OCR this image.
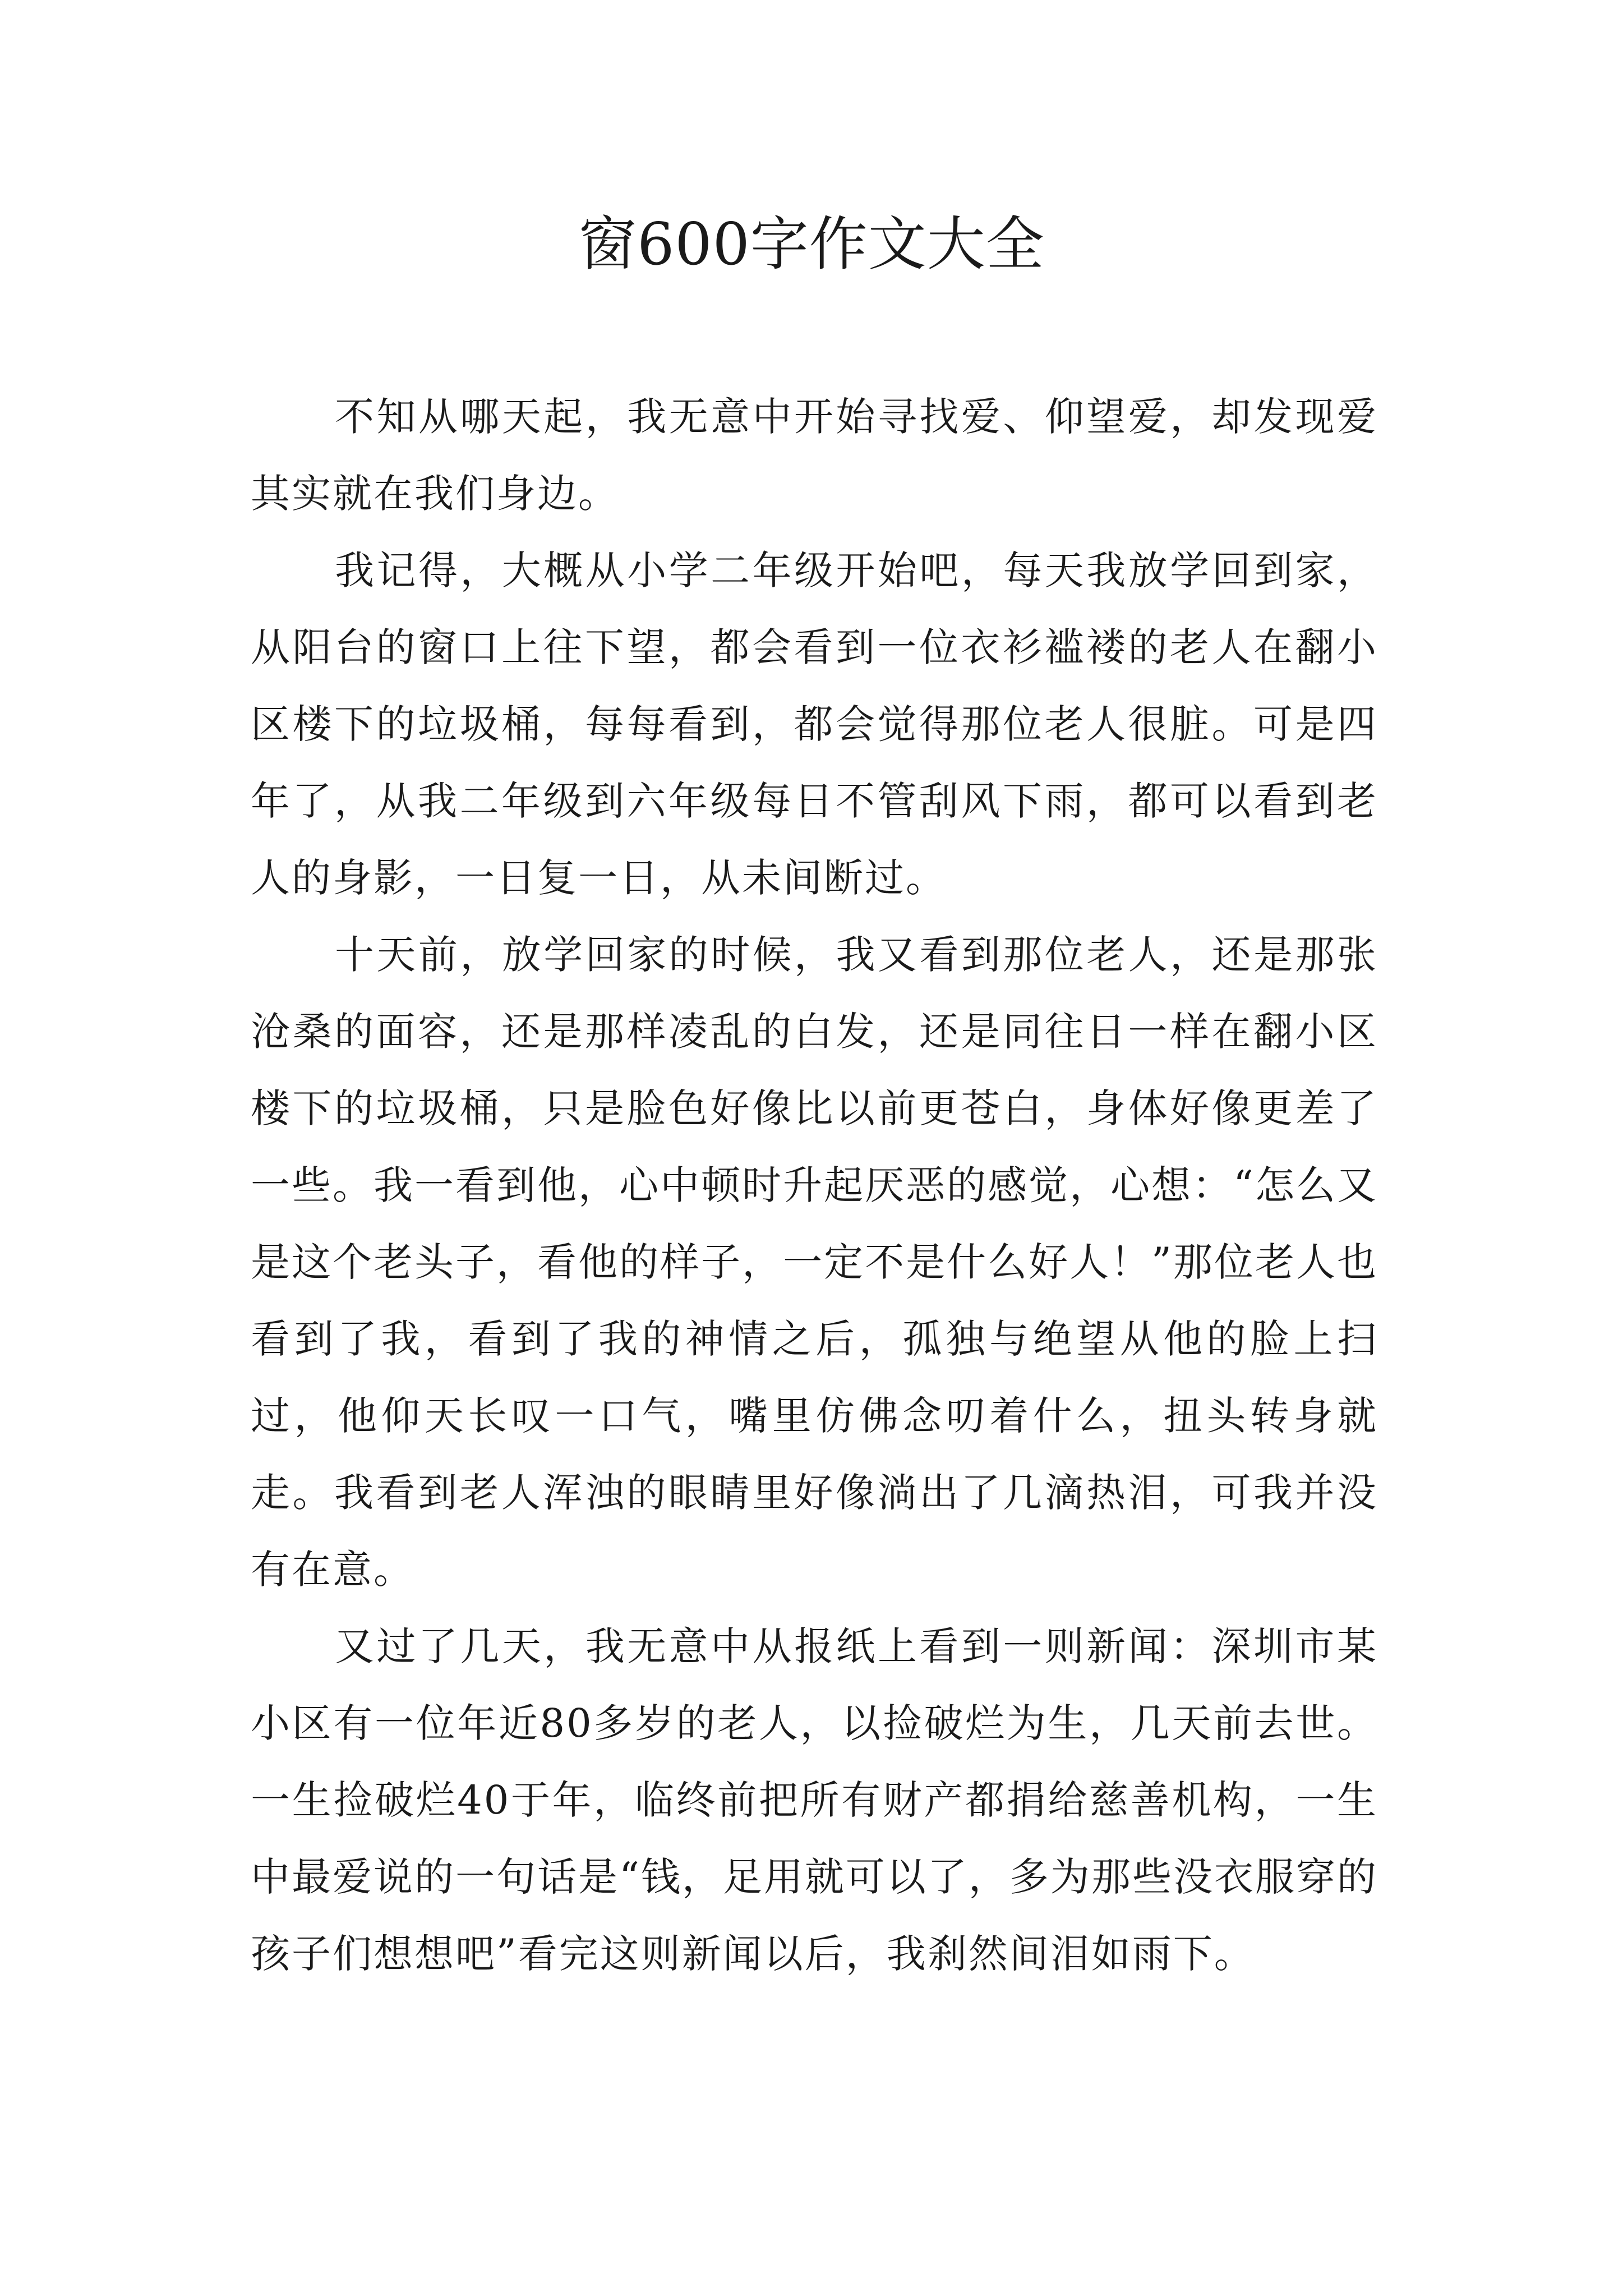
窗600字作文大全

不知从哪天起，我无意中开始寻找爱、仰望爱，却发现爱其实就在我们身边。

我记得，大概从小学二年级开始吧，每天我放学回到家，从阳台的窗口上往下望，都会看到一位衣衫褴褛的老人在翻小区楼下的垃圾桶，每每看到，都会觉得那位老人很脏。可是四年了，从我二年级到六年级每日不管刮风下雨，都可以看到老人的身影，一日复一日，从未间断过。

十天前，放学回家的时候，我又看到那位老人，还是那张沧桑的面容，还是那样凌乱的白发，还是同往日一样在翻小区楼下的垃圾桶，只是脸色好像比以前更苍白，身体好像更差了一些。我一看到他，心中顿时升起厌恶的感觉，心想：“怎么又是这个老头子，看他的样子，一定不是什么好人！”那位老人也看到了我，看到了我的神情之后，孤独与绝望从他的脸上扫过，他仰天长叹一口气，嘴里仿佛念叨着什么，扭头转身就走。我看到老人浑浊的眼睛里好像淌出了几滴热泪，可我并没有在意。

又过了几天，我无意中从报纸上看到一则新闻：深圳市某小区有一位年近80多岁的老人，以捡破烂为生，几天前去世。一生捡破烂40于年，临终前把所有财产都捐给慈善机构，一生中最爱说的一句话是“钱，足用就可以了，多为那些没衣服穿的孩子们想想吧”看完这则新闻以后，我刹然间泪如雨下。
